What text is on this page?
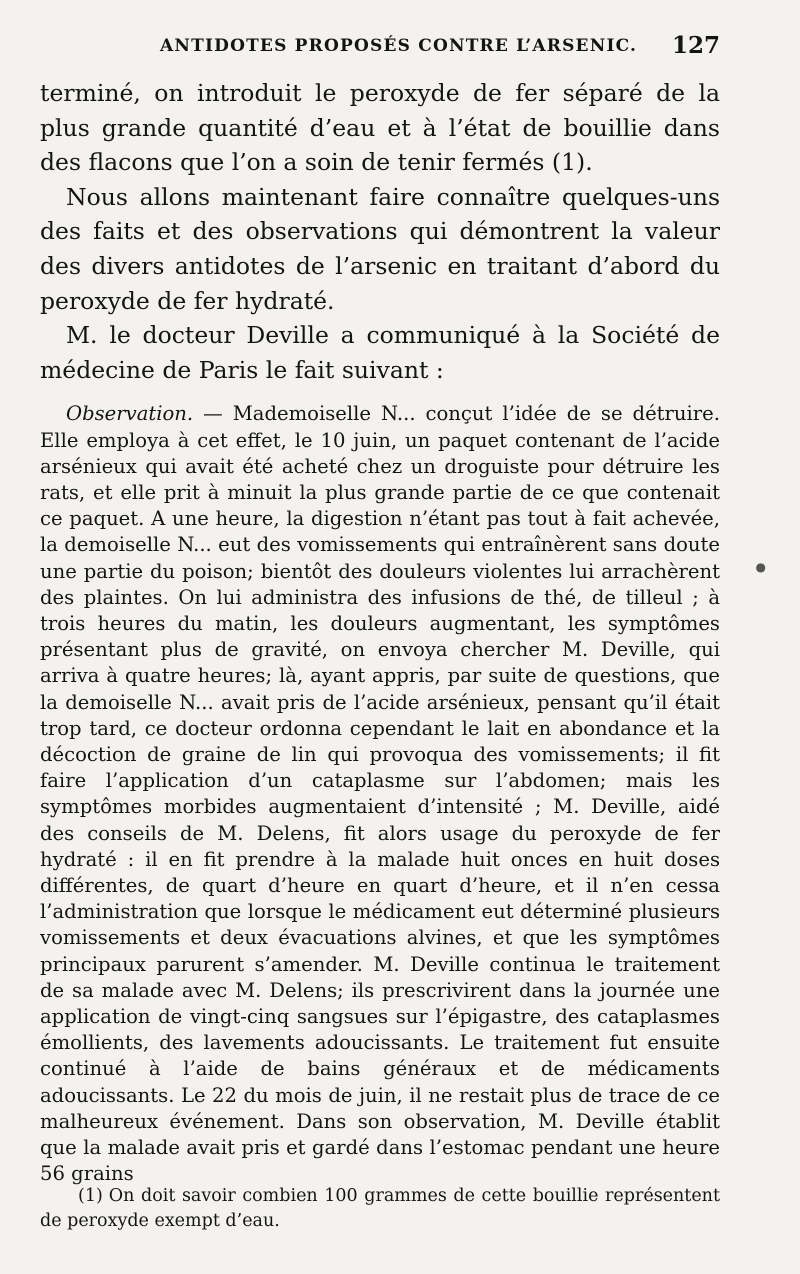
ANTIDOTES PROPOSÉS CONTRE L’ARSENIC. 127

terminé, on introduit le peroxyde de fer séparé de la plus grande quantité d’eau et à l’état de bouillie dans des flacons que l’on a soin de tenir fermés (1).

Nous allons maintenant faire connaître quelques-uns des faits et des observations qui démontrent la valeur des divers antidotes de l’arsenic en traitant d’abord du peroxyde de fer hydraté.

M. le docteur Deville a communiqué à la Société de médecine de Paris le fait suivant :

Observation. — Mademoiselle N... conçut l’idée de se détruire. Elle employa à cet effet, le 10 juin, un paquet contenant de l’acide arsénieux qui avait été acheté chez un droguiste pour détruire les rats, et elle prit à minuit la plus grande partie de ce que contenait ce paquet. A une heure, la digestion n’étant pas tout à fait achevée, la demoiselle N... eut des vomissements qui entraînèrent sans doute une partie du poison; bientôt des douleurs violentes lui arrachèrent des plaintes. On lui administra des infusions de thé, de tilleul ; à trois heures du matin, les douleurs augmentant, les symptômes présentant plus de gravité, on envoya chercher M. Deville, qui arriva à quatre heures; là, ayant appris, par suite de questions, que la demoiselle N... avait pris de l’acide arsénieux, pensant qu’il était trop tard, ce docteur ordonna cependant le lait en abondance et la décoction de graine de lin qui provoqua des vomissements; il fit faire l’application d’un cataplasme sur l’abdomen; mais les symptômes morbides augmentaient d’intensité ; M. Deville, aidé des conseils de M. Delens, fit alors usage du peroxyde de fer hydraté : il en fit prendre à la malade huit onces en huit doses différentes, de quart d’heure en quart d’heure, et il n’en cessa l’administration que lorsque le médicament eut déterminé plusieurs vomissements et deux évacuations alvines, et que les symptômes principaux parurent s’amender. M. Deville continua le traitement de sa malade avec M. Delens; ils prescrivirent dans la journée une application de vingt-cinq sangsues sur l’épigastre, des cataplasmes émollients, des lavements adoucissants. Le traitement fut ensuite continué à l’aide de bains généraux et de médicaments adoucissants. Le 22 du mois de juin, il ne restait plus de trace de ce malheureux événement. Dans son observation, M. Deville établit que la malade avait pris et gardé dans l’estomac pendant une heure 56 grains

(1) On doit savoir combien 100 grammes de cette bouillie représentent de peroxyde exempt d’eau.
●
